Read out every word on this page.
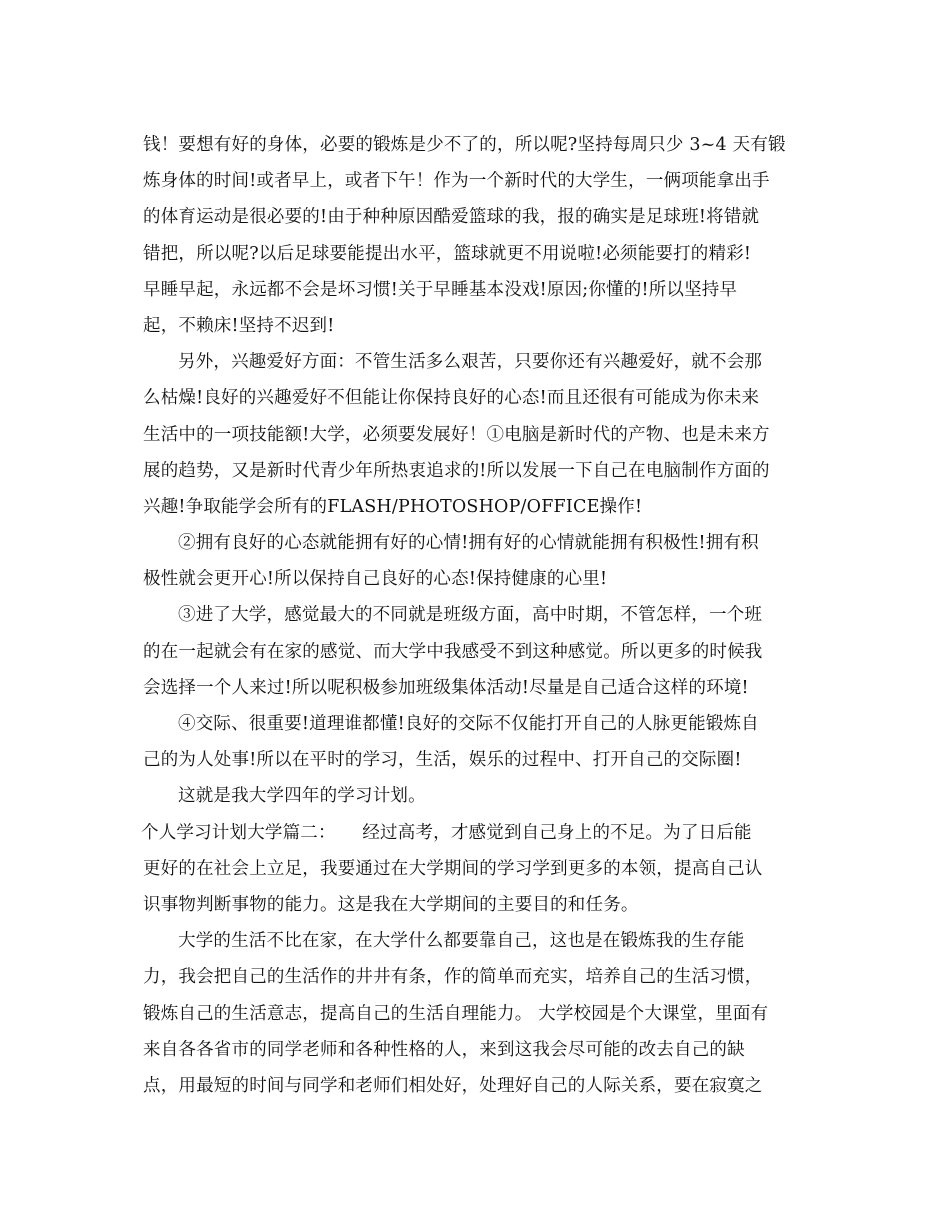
钱！要想有好的身体，必要的锻炼是少不了的，所以呢?坚持每周只少 3~4 天有锻
炼身体的时间!或者早上，或者下午！作为一个新时代的大学生，一俩项能拿出手
的体育运动是很必要的!由于种种原因酷爱篮球的我，报的确实是足球班!将错就
错把，所以呢?以后足球要能提出水平，篮球就更不用说啦!必须能要打的精彩!
早睡早起，永远都不会是坏习惯!关于早睡基本没戏!原因;你懂的!所以坚持早
起，不赖床!坚持不迟到!
另外，兴趣爱好方面：不管生活多么艰苦，只要你还有兴趣爱好，就不会那
么枯燥!良好的兴趣爱好不但能让你保持良好的心态!而且还很有可能成为你未来
生活中的一项技能额!大学，必须要发展好！①电脑是新时代的产物、也是未来方
展的趋势，又是新时代青少年所热衷追求的!所以发展一下自己在电脑制作方面的
兴趣!争取能学会所有的FLASH/PHOTOSHOP/OFFICE操作!
②拥有良好的心态就能拥有好的心情!拥有好的心情就能拥有积极性!拥有积
极性就会更开心!所以保持自己良好的心态!保持健康的心里!
③进了大学，感觉最大的不同就是班级方面，高中时期，不管怎样，一个班
的在一起就会有在家的感觉、而大学中我感受不到这种感觉。所以更多的时候我
会选择一个人来过!所以呢积极参加班级集体活动!尽量是自己适合这样的环境!
④交际、很重要!道理谁都懂!良好的交际不仅能打开自己的人脉更能锻炼自
己的为人处事!所以在平时的学习，生活，娱乐的过程中、打开自己的交际圈!
这就是我大学四年的学习计划。
个人学习计划大学篇二：　　经过高考，才感觉到自己身上的不足。为了日后能
更好的在社会上立足，我要通过在大学期间的学习学到更多的本领，提高自己认
识事物判断事物的能力。这是我在大学期间的主要目的和任务。
大学的生活不比在家，在大学什么都要靠自己，这也是在锻炼我的生存能
力，我会把自己的生活作的井井有条，作的简单而充实，培养自己的生活习惯，
锻炼自己的生活意志，提高自己的生活自理能力。 大学校园是个大课堂，里面有
来自各各省市的同学老师和各种性格的人，来到这我会尽可能的改去自己的缺
点，用最短的时间与同学和老师们相处好，处理好自己的人际关系，要在寂寞之
